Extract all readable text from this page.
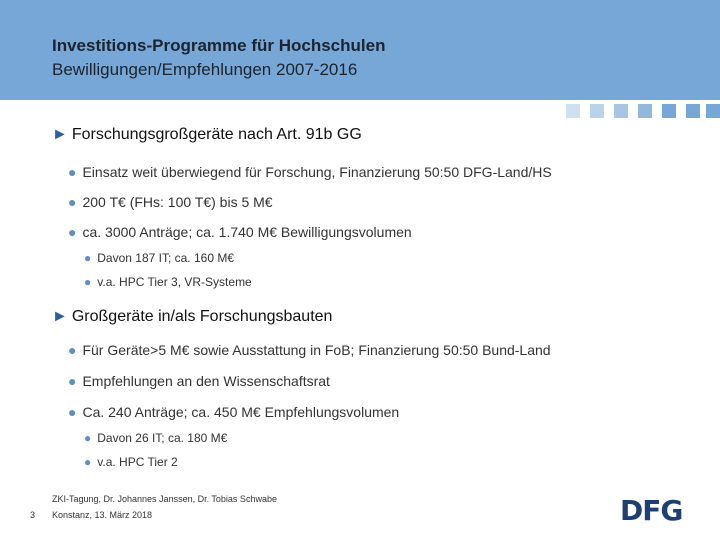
Investitions-Programme für Hochschulen
Bewilligungen/Empfehlungen 2007-2016
► Forschungsgroßgeräte nach Art. 91b GG
● Einsatz weit überwiegend für Forschung, Finanzierung 50:50 DFG-Land/HS
● 200 T€ (FHs: 100 T€) bis 5 M€
● ca. 3000 Anträge; ca. 1.740 M€ Bewilligungsvolumen
● Davon 187 IT; ca. 160 M€
● v.a. HPC Tier 3, VR-Systeme
► Großgeräte in/als Forschungsbauten
● Für Geräte>5 M€ sowie Ausstattung in FoB; Finanzierung 50:50 Bund-Land
● Empfehlungen an den Wissenschaftsrat
● Ca. 240 Anträge; ca. 450 M€ Empfehlungsvolumen
● Davon 26 IT; ca. 180 M€
● v.a. HPC Tier 2
ZKI-Tagung, Dr. Johannes Janssen, Dr. Tobias Schwabe
3 Konstanz, 13. März 2018	DFG
